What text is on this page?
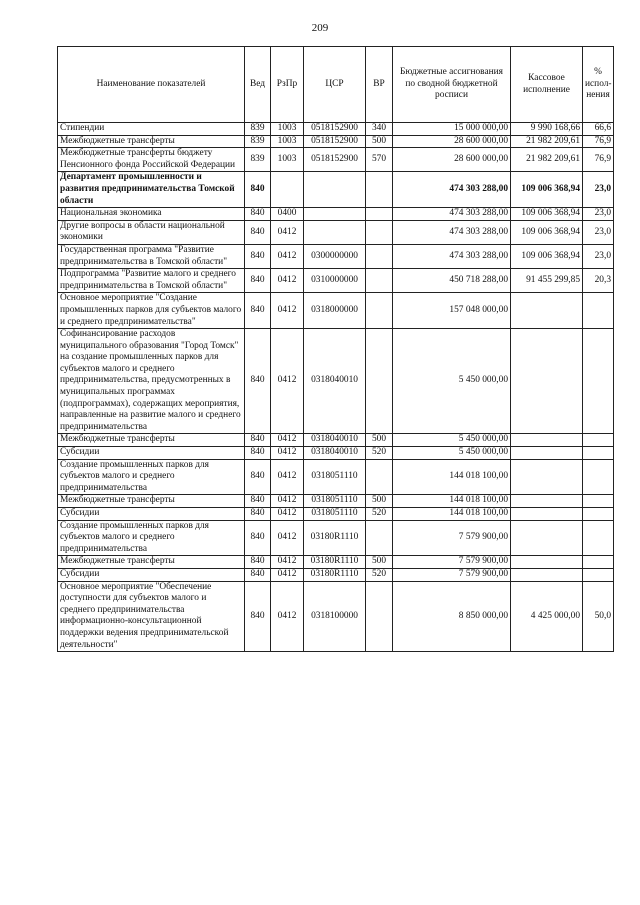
209
Наименование показателей	Вед	РзПр	ЦСР	ВР	Бюджетные ассигнования по сводной бюджетной росписи	Кассовое исполнение	% испол-нения
Стипендии	839	1003	0518152900	340	15 000 000,00	9 990 168,66	66,6
Межбюджетные трансферты	839	1003	0518152900	500	28 600 000,00	21 982 209,61	76,9
Межбюджетные трансферты бюджету Пенсионного фонда Российской Федерации	839	1003	0518152900	570	28 600 000,00	21 982 209,61	76,9
Департамент промышленности и развития предпринимательства Томской области	840				474 303 288,00	109 006 368,94	23,0
Национальная экономика	840	0400			474 303 288,00	109 006 368,94	23,0
Другие вопросы в области национальной экономики	840	0412			474 303 288,00	109 006 368,94	23,0
Государственная программа "Развитие предпринимательства в Томской области"	840	0412	0300000000		474 303 288,00	109 006 368,94	23,0
Подпрограмма "Развитие малого и среднего предпринимательства в Томской области"	840	0412	0310000000		450 718 288,00	91 455 299,85	20,3
Основное мероприятие "Создание промышленных парков для субъектов малого и среднего предпринимательства"	840	0412	0318000000		157 048 000,00		
Софинансирование расходов муниципального образования "Город Томск" на создание промышленных парков для субъектов малого и среднего предпринимательства, предусмотренных в муниципальных программах (подпрограммах), содержащих мероприятия, направленные на развитие малого и среднего предпринимательства	840	0412	0318040010		5 450 000,00		
Межбюджетные трансферты	840	0412	0318040010	500	5 450 000,00		
Субсидии	840	0412	0318040010	520	5 450 000,00		
Создание промышленных парков для субъектов малого и среднего предпринимательства	840	0412	0318051110		144 018 100,00		
Межбюджетные трансферты	840	0412	0318051110	500	144 018 100,00		
Субсидии	840	0412	0318051110	520	144 018 100,00		
Создание промышленных парков для субъектов малого и среднего предпринимательства	840	0412	03180R1110		7 579 900,00		
Межбюджетные трансферты	840	0412	03180R1110	500	7 579 900,00		
Субсидии	840	0412	03180R1110	520	7 579 900,00		
Основное мероприятие "Обеспечение доступности для субъектов малого и среднего предпринимательства информационно-консультационной поддержки ведения предпринимательской деятельности"	840	0412	0318100000		8 850 000,00	4 425 000,00	50,0
